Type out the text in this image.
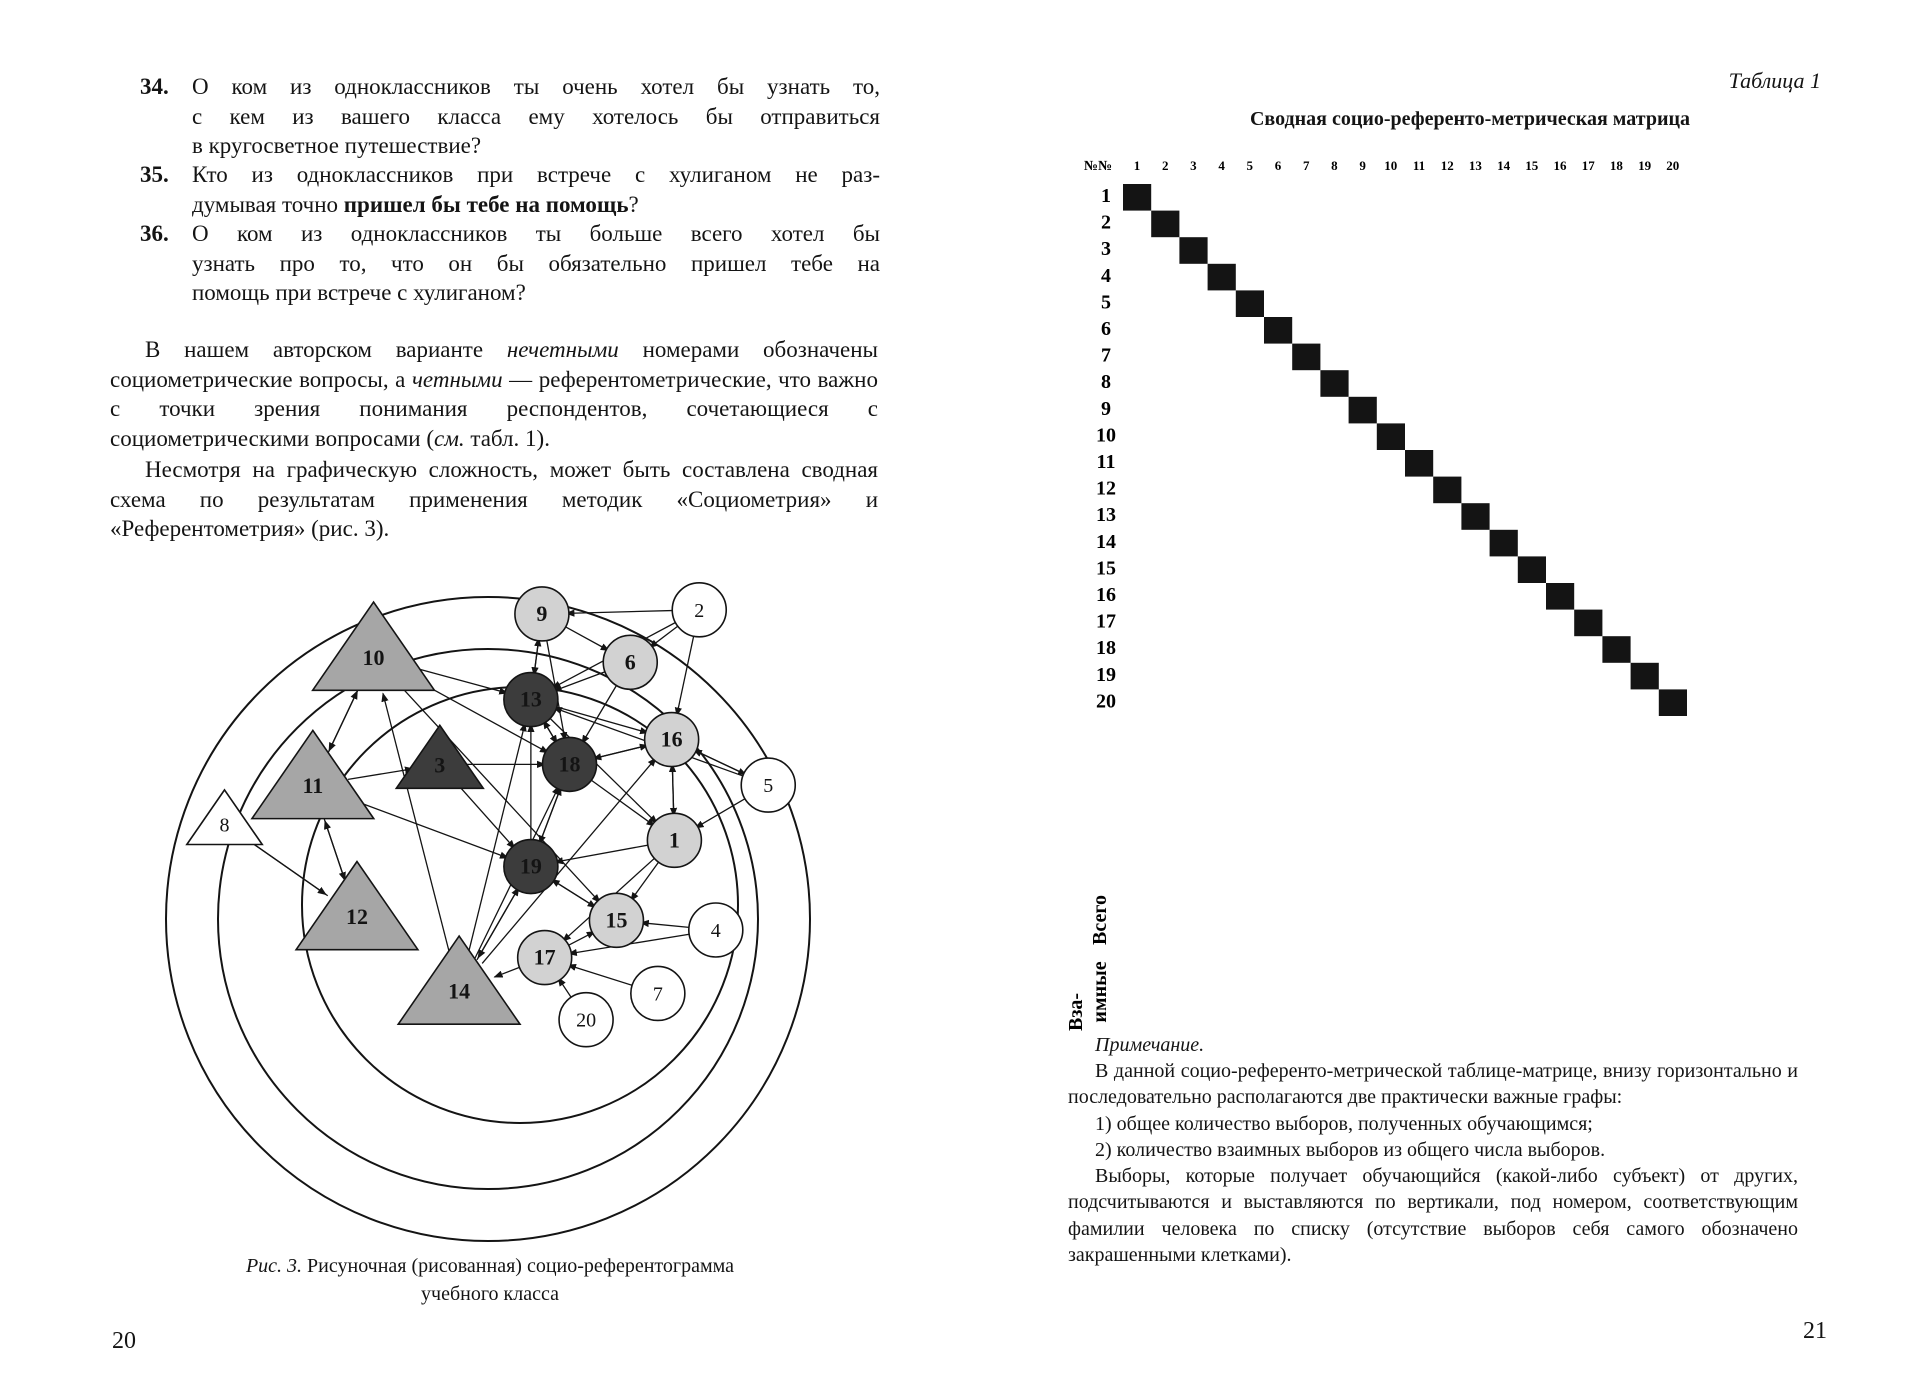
34.	О ком из одноклассников ты очень хотел бы узнать то,
с кем из вашего класса ему хотелось бы отправиться
в кругосветное путешествие?
35.	Кто из одноклассников при встрече с хулиганом не раз-
думывая точно пришел бы тебе на помощь?
36.	О ком из одноклассников ты больше всего хотел бы
узнать про то, что он бы обязательно пришел тебе на
помощь при встрече с хулиганом?
В нашем авторском варианте нечетными номерами обозначены социометрические вопросы, а четными — референтометрические, что важно с точки зрения понимания респондентов, сочетающиеся с социометрическими вопросами (см. табл. 1).
Несмотря на графическую сложность, может быть составлена сводная схема по результатам применения методик «Социометрия» и «Референтометрия» (рис. 3).
1
2
3
4
5
6
7
8
9
10
11
12
13
14
15
16
17
18
19
20
Рис. 3. Рисуночная (рисованная) социо-референтограмма
учебного класса
20
Таблица 1
Сводная социо-референто-метрическая матрица
№№ 1 2 3 4 5 6 7 8 9 10 11 12 13 14 15 16 17 18 19 20
1
2
3
4
5
6
7
8
9
10
11
12
13
14
15
16
17
18
19
20
Всего
Вза- имные
Примечание.

В данной социо-референто-метрической таблице-матрице, внизу горизонтально и последовательно располагаются две практически важные графы:

1) общее количество выборов, полученных обучающимся;

2) количество взаимных выборов из общего числа выборов.

Выборы, которые получает обучающийся (какой-либо субъект) от других, подсчитываются и выставляются по вертикали, под номером, соответствующим фамилии человека по списку (отсутствие выборов себя самого обозначено закрашенными клетками).

21
